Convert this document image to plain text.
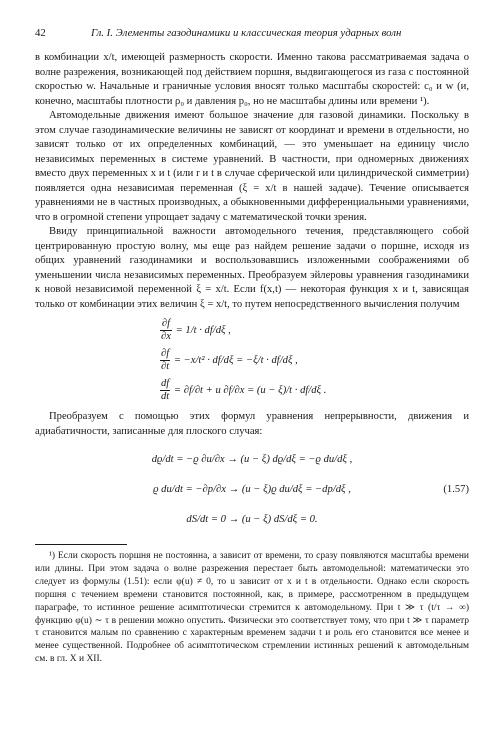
42	Гл. I. Элементы газодинамики и классическая теория ударных волн

в комбинации x/t, имеющей размерность скорости. Именно такова рассматриваемая задача о волне разрежения, возникающей под действием поршня, выдвигающегося из газа с постоянной скоростью w. Начальные и граничные условия вносят только масштабы скоростей: c₀ и w (и, конечно, масштабы плотности ρ₀ и давления p₀, но не масштабы длины или времени ¹).

Автомодельные движения имеют большое значение для газовой динамики. Поскольку в этом случае газодинамические величины не зависят от координат и времени в отдельности, но зависят только от их определенных комбинаций, — это уменьшает на единицу число независимых переменных в системе уравнений. В частности, при одномерных движениях вместо двух переменных x и t (или r и t в случае сферической или цилиндрической симметрии) появляется одна независимая переменная (ξ = x/t в нашей задаче). Течение описывается уравнениями не в частных производных, а обыкновенными дифференциальными уравнениями, что в огромной степени упрощает задачу с математической точки зрения.

Ввиду принципиальной важности автомодельного течения, представляющего собой центрированную простую волну, мы еще раз найдем решение задачи о поршне, исходя из общих уравнений газодинамики и воспользовавшись изложенными соображениями об уменьшении числа независимых переменных. Преобразуем эйлеровы уравнения газодинамики к новой независимой переменной ξ = x/t. Если f(x,t) — некоторая функция x и t, зависящая только от комбинации этих величин ξ = x/t, то путем непосредственного вычисления получим

$\frac{\partial f}{\partial x} = 1/t \cdot df/d\xi$ ,
$\frac{\partial f}{\partial t} = -x/t^2 \cdot df/d\xi = -\xi/t \cdot df/d\xi$ ,
$\frac{df}{dt} = \partial f/\partial t + u$ ∂f/∂x = (u − ξ)/t · df/dξ .

Преобразуем с помощью этих формул уравнения непрерывности, движения и адиабатичности, записанные для плоского случая:

dϱ/dt = −ϱ ∂u/∂x → (u − ξ) dϱ/dξ = −ϱ du/dξ ,
ϱ du/dt = −∂p/∂x → (u − ξ)ϱ du/dξ = −dp/dξ ,	(1.57)
dS/dt = 0 → (u − ξ) dS/dξ = 0.

¹) Если скорость поршня не постоянна, а зависит от времени, то сразу появляются масштабы времени или длины. При этом задача о волне разрежения перестает быть автомодельной: математически это следует из формулы (1.51): если φ(u) ≠ 0, то u зависит от x и t в отдельности. Однако если скорость поршня с течением времени становится постоянной, как, в примере, рассмотренном в предыдущем параграфе, то истинное решение асимптотически стремится к автомодельному. При t ≫ τ (t/τ → ∞) функцию φ(u) ∼ τ в решении можно опустить. Физически это соответствует тому, что при t ≫ τ параметр τ становится малым по сравнению с характерным временем задачи t и роль его становится все менее и менее существенной. Подробнее об асимптотическом стремлении истинных решений к автомодельным см. в гл. X и XII.
